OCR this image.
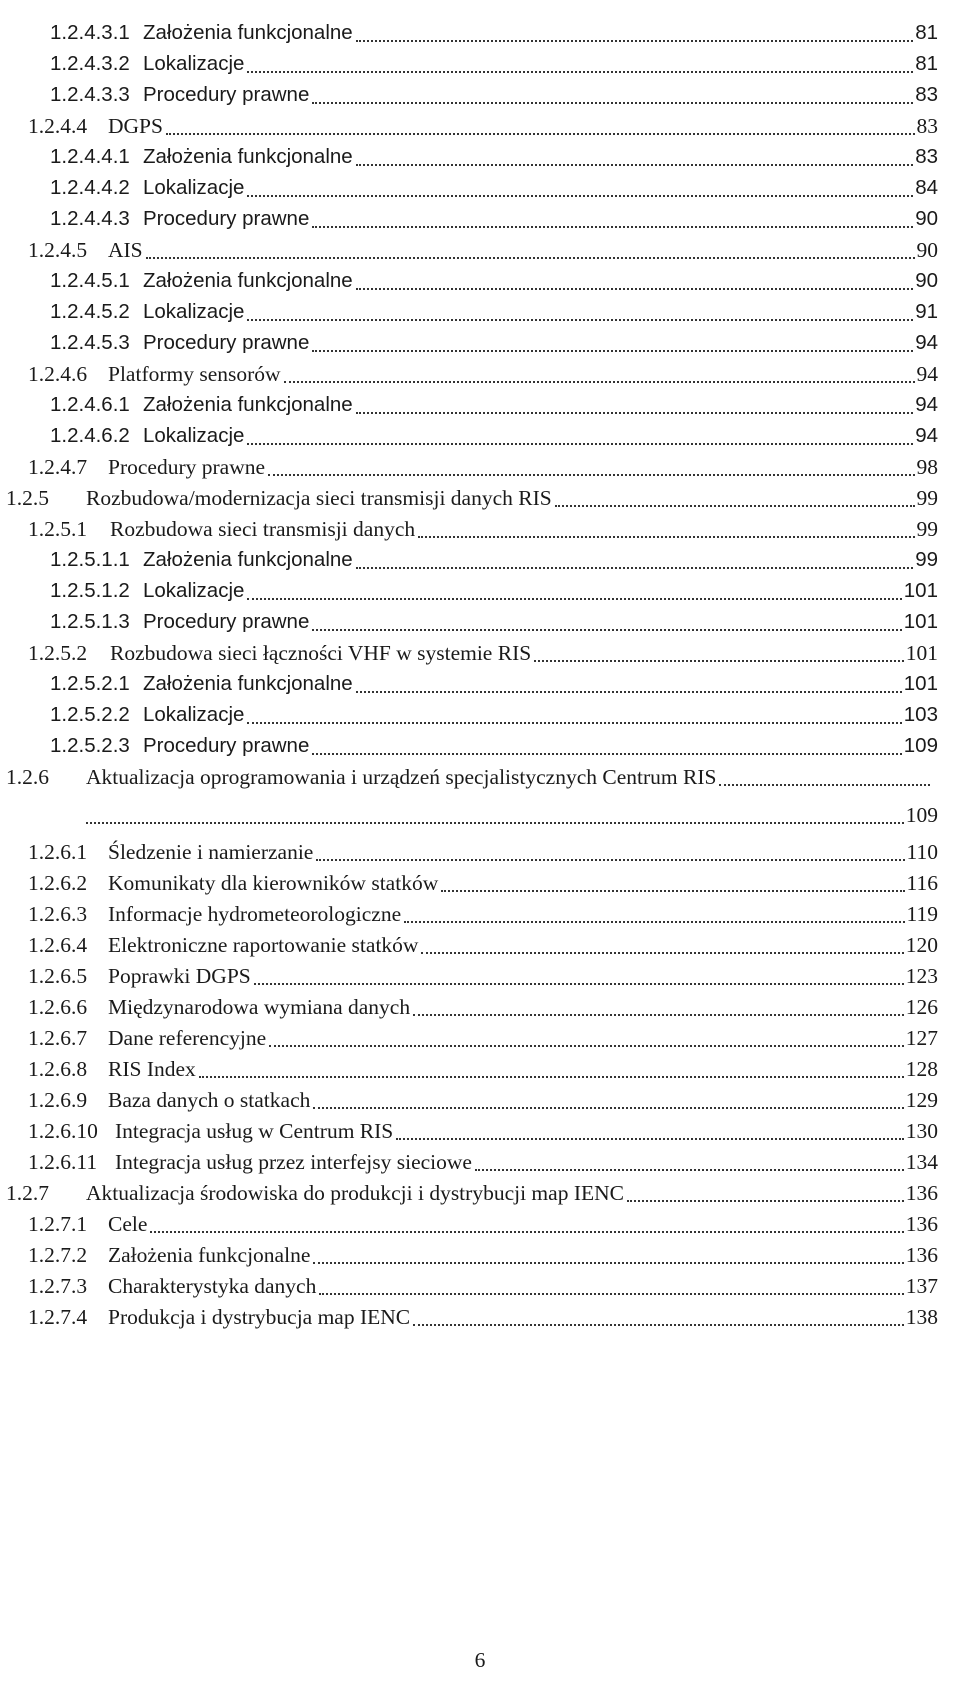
1.2.4.3.1 Założenia funkcjonalne	81
1.2.4.3.2 Lokalizacje	81
1.2.4.3.3 Procedury prawne	83
1.2.4.4 DGPS	83
1.2.4.4.1 Założenia funkcjonalne	83
1.2.4.4.2 Lokalizacje	84
1.2.4.4.3 Procedury prawne	90
1.2.4.5 AIS	90
1.2.4.5.1 Założenia funkcjonalne	90
1.2.4.5.2 Lokalizacje	91
1.2.4.5.3 Procedury prawne	94
1.2.4.6 Platformy sensorów	94
1.2.4.6.1 Założenia funkcjonalne	94
1.2.4.6.2 Lokalizacje	94
1.2.4.7 Procedury prawne	98
1.2.5 Rozbudowa/modernizacja sieci transmisji danych RIS	99
1.2.5.1 Rozbudowa sieci transmisji danych	99
1.2.5.1.1 Założenia funkcjonalne	99
1.2.5.1.2 Lokalizacje	101
1.2.5.1.3 Procedury prawne	101
1.2.5.2 Rozbudowa sieci łączności VHF w systemie RIS	101
1.2.5.2.1 Założenia funkcjonalne	101
1.2.5.2.2 Lokalizacje	103
1.2.5.2.3 Procedury prawne	109
1.2.6 Aktualizacja oprogramowania i urządzeń specjalistycznych Centrum RIS
109
1.2.6.1 Śledzenie i namierzanie	110
1.2.6.2 Komunikaty dla kierowników statków	116
1.2.6.3 Informacje hydrometeorologiczne	119
1.2.6.4 Elektroniczne raportowanie statków	120
1.2.6.5 Poprawki DGPS	123
1.2.6.6 Międzynarodowa wymiana danych	126
1.2.6.7 Dane referencyjne	127
1.2.6.8 RIS Index	128
1.2.6.9 Baza danych o statkach	129
1.2.6.10 Integracja usług w Centrum RIS	130
1.2.6.11 Integracja usług przez interfejsy sieciowe	134
1.2.7 Aktualizacja środowiska do produkcji i dystrybucji map IENC	136
1.2.7.1 Cele	136
1.2.7.2 Założenia funkcjonalne	136
1.2.7.3 Charakterystyka danych	137
1.2.7.4 Produkcja i dystrybucja map IENC	138
6
